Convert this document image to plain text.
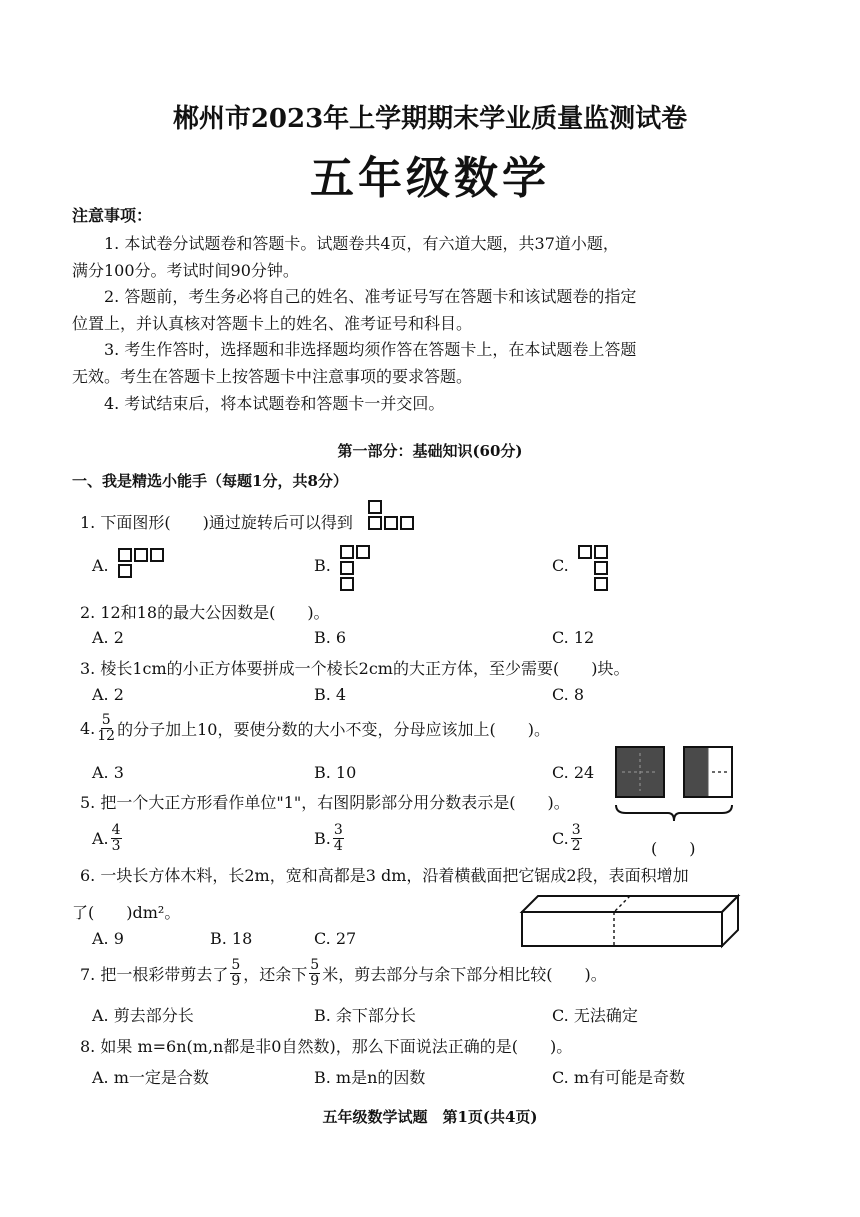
郴州市2023年上学期期末学业质量监测试卷
五年级数学
注意事项：
1. 本试卷分试题卷和答题卡。试题卷共4页，有六道大题，共37道小题，
满分100分。考试时间90分钟。
2. 答题前，考生务必将自己的姓名、准考证号写在答题卡和该试题卷的指定
位置上，并认真核对答题卡上的姓名、准考证号和科目。
3. 考生作答时，选择题和非选择题均须作答在答题卡上，在本试题卷上答题
无效。考生在答题卡上按答题卡中注意事项的要求答题。
4. 考试结束后，将本试题卷和答题卡一并交回。
第一部分：基础知识(60分)
一、我是精选小能手（每题1分，共8分）
1. 下面图形(　　)通过旋转后可以得到
A.	B.	C.
2. 12和18的最大公因数是(　　)。
A. 2	B. 6	C. 12
3. 棱长1cm的小正方体要拼成一个棱长2cm的大正方体，至少需要(　　)块。
A. 2	B. 4	C. 8
4. $\frac{5}{12}$ 的分子加上10，要使分数的大小不变，分母应该加上(　　)。
A. 3	B. 10	C. 24
5. 把一个大正方形看作单位"1"，右图阴影部分用分数表示是(　　)。
A. $\frac{4}{3}$	B. $\frac{3}{4}$	C. $\frac{3}{2}$	(　　)
6. 一块长方体木料，长2m，宽和高都是3 dm，沿着横截面把它锯成2段，表面积增加
了(　　)dm²。
A. 9	B. 18	C. 27
7. 把一根彩带剪去了 $\frac{5}{9}$ ，还余下 $\frac{5}{9}$ 米，剪去部分与余下部分相比较(　　)。
A. 剪去部分长	B. 余下部分长	C. 无法确定
8. 如果 m=6n(m,n都是非0自然数)，那么下面说法正确的是(　　)。
A. m一定是合数	B. m是n的因数	C. m有可能是奇数
五年级数学试题　第1页(共4页)
